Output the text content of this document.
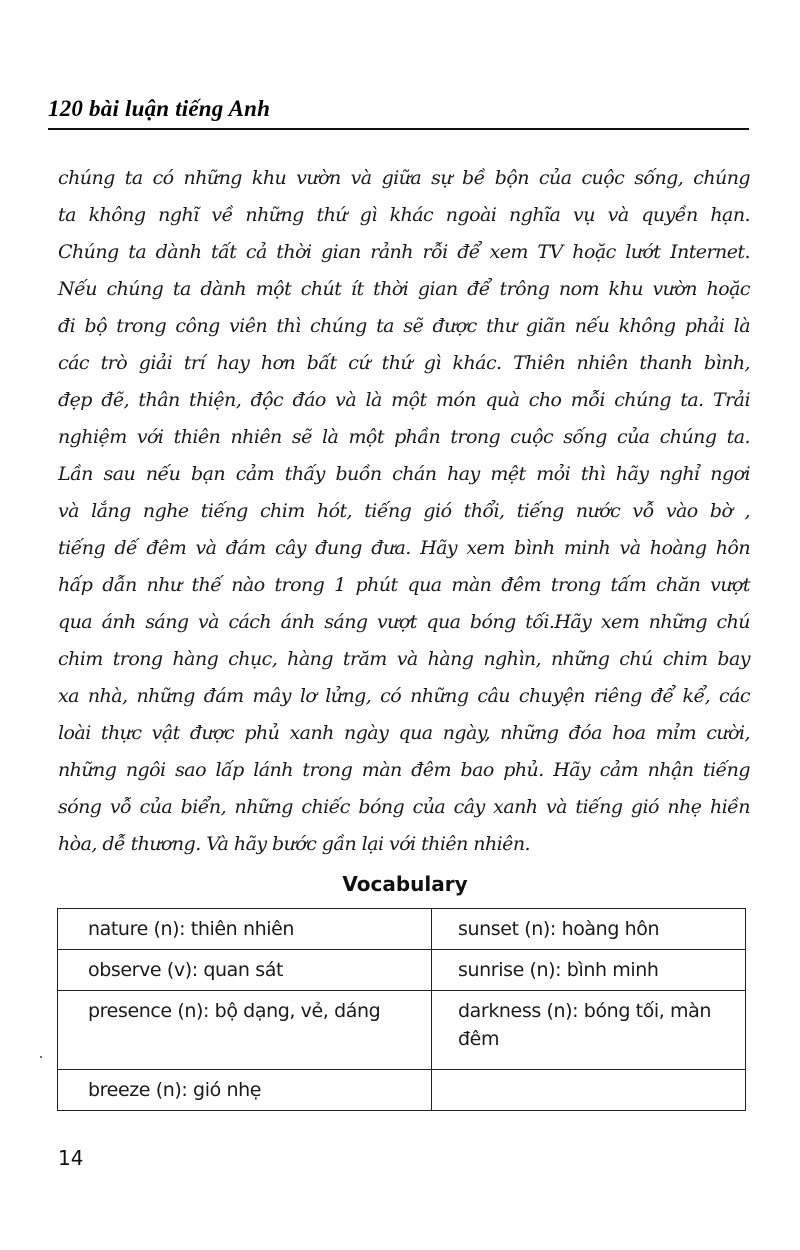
120 bài luận tiếng Anh
chúng ta có những khu vườn và giữa sự bề bộn của cuộc sống, chúng
ta không nghĩ về những thứ gì khác ngoài nghĩa vụ và quyền hạn.
Chúng ta dành tất cả thời gian rảnh rỗi để xem TV hoặc lướt Internet.
Nếu chúng ta dành một chút ít thời gian để trông nom khu vườn hoặc
đi bộ trong công viên thì chúng ta sẽ được thư giãn nếu không phải là
các trò giải trí hay hơn bất cứ thứ gì khác. Thiên nhiên thanh bình,
đẹp đẽ, thân thiện, độc đáo và là một món quà cho mỗi chúng ta. Trải
nghiệm với thiên nhiên sẽ là một phần trong cuộc sống của chúng ta.
Lần sau nếu bạn cảm thấy buồn chán hay mệt mỏi thì hãy nghỉ ngơi
và lắng nghe tiếng chim hót, tiếng gió thổi, tiếng nước vỗ vào bờ ,
tiếng dế đêm và đám cây đung đưa. Hãy xem bình minh và hoàng hôn
hấp dẫn như thế nào trong 1 phút qua màn đêm trong tấm chăn vượt
qua ánh sáng và cách ánh sáng vượt qua bóng tối.Hãy xem những chú
chim trong hàng chục, hàng trăm và hàng nghìn, những chú chim bay
xa nhà, những đám mây lơ lửng, có những câu chuyện riêng để kể, các
loài thực vật được phủ xanh ngày qua ngày, những đóa hoa mỉm cười,
những ngôi sao lấp lánh trong màn đêm bao phủ. Hãy cảm nhận tiếng
sóng vỗ của biển, những chiếc bóng của cây xanh và tiếng gió nhẹ hiền
hòa, dễ thương. Và hãy bước gần lại với thiên nhiên.
Vocabulary
nature (n): thiên nhiên	sunset (n): hoàng hôn
observe (v): quan sát	sunrise (n): bình minh
presence (n): bộ dạng, vẻ, dáng	darkness (n): bóng tối, màn đêm
breeze (n): gió nhẹ	
14
